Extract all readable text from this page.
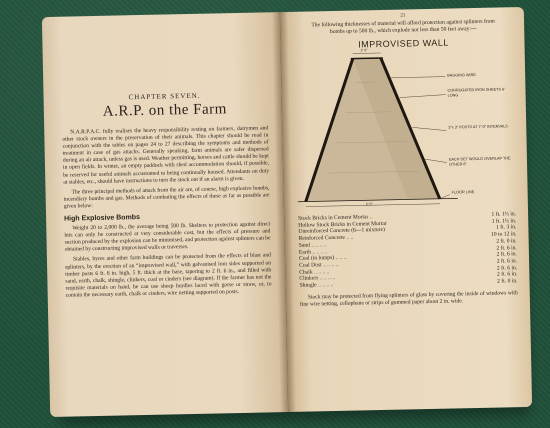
CHAPTER SEVEN.
A.R.P. on the Farm

N.A.R.P.A.C. fully realises the heavy responsibility resting on farmers, dairymen and other stock owners in the preservation of their animals. This chapter should be read in conjunction with the tables on pages 24 to 27 describing the symptoms and methods of treatment in case of gas attacks. Generally speaking, farm animals are safer dispersed during an air attack, unless gas is used. Weather permitting, horses and cattle should be kept in open fields. In winter, an empty paddock with shed accommodation should, if possible, be reserved for useful animals accustomed to being continually housed. Attendants on duty at stables, etc., should have instructions to turn the stock out if an alarm is given.

The three principal methods of attack from the air are, of course, high explosive bombs, incendiary bombs and gas. Methods of combating the effects of these as far as possible are given below:

High Explosive Bombs

Weight 20 to 2,000 lb., the average being 500 lb. Shelters to protection against direct hits can only be constructed at very considerable cost, but the effects of pressure and suction produced by the explosion can be minimised, and protection against splinters can be obtained by constructing improvised walls or traverses.

Stables, byres and other farm buildings can be protected from the effects of blast and splinters, by the erection of an “improvised wall,” with galvanised iron sides supported on timber posts 6 ft. 6 in. high, 5 ft. thick at the base, tapering to 2 ft. 6 in., and filled with sand, earth, chalk, shingle, clinkers, coal or cinders (see diagram). If the farmer has not the requisite materials on hand, he can use sheep hurdles laced with gorse or straw, or, to contain the necessary earth, chalk or cinders, wire netting supported on posts.

21
The following thicknesses of material will afford protection against splinters from bombs up to 500 lb., which explode not less than 50 feet away:—
IMPROVISED WALL
2' 6"
5' 0"
BAGGING WIRE
CORRUGATED IRON SHEETS 6' LONG
3"x 3" POSTS AT 7'-0" INTERVALS
EACH SET WOULD OVERLAP THE OTHER 6"
FLOOR LINE
Stock Bricks in Cement Mortar ..	1 ft. 1½ in.
Hollow Stock Bricks in Cement Mortar	1 ft. 1½ in.
Unreinforced Concrete (6—1 mixture)	1 ft. 3 in.
Reinforced Concrete .. ..	10 to 12 in.
Sand .. .. .. ..	2 ft. 0 in.
Earth .. .. .. ..	2 ft. 6 in.
Coal (in lumps) .. .. ..	2 ft. 6 in.
Coal Dust .. .. .. ..	2 ft. 6 in.
Chalk .. .. .. ..	2 ft. 6 in.
Clinkers .. .. .. ..	2 ft. 6 in.
Shingle .. .. .. ..	2 ft. 0 in.
Stock may be protected from flying splinters of glass by covering the inside of windows with fine wire netting, cellophane or strips of gummed paper about 2 in. wide.
